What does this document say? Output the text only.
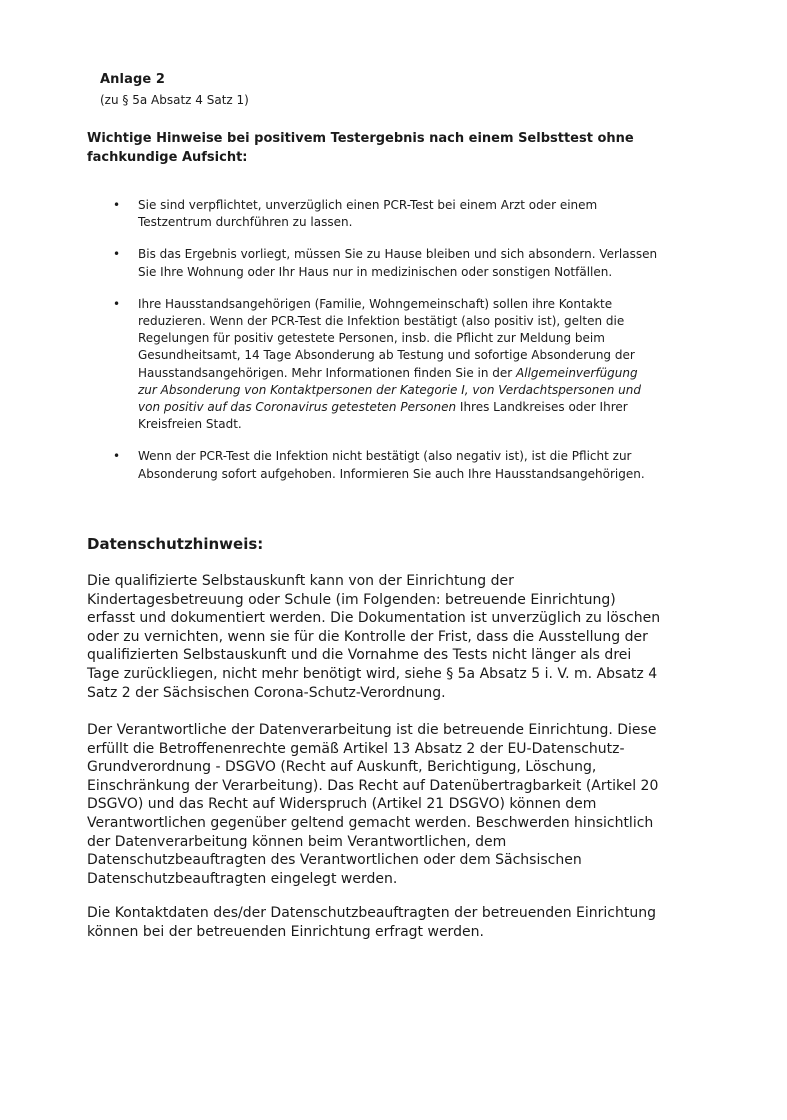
Anlage 2
(zu § 5a Absatz 4 Satz 1)
Wichtige Hinweise bei positivem Testergebnis nach einem Selbsttest ohne fachkundige Aufsicht:
• Sie sind verpflichtet, unverzüglich einen PCR-Test bei einem Arzt oder einem Testzentrum durchführen zu lassen.
• Bis das Ergebnis vorliegt, müssen Sie zu Hause bleiben und sich absondern. Verlassen Sie Ihre Wohnung oder Ihr Haus nur in medizinischen oder sonstigen Notfällen.
• Ihre Hausstandsangehörigen (Familie, Wohngemeinschaft) sollen ihre Kontakte reduzieren. Wenn der PCR-Test die Infektion bestätigt (also positiv ist), gelten die Regelungen für positiv getestete Personen, insb. die Pflicht zur Meldung beim Gesundheitsamt, 14 Tage Absonderung ab Testung und sofortige Absonderung der Hausstandsangehörigen. Mehr Informationen finden Sie in der Allgemeinverfügung zur Absonderung von Kontaktpersonen der Kategorie I, von Verdachtspersonen und von positiv auf das Coronavirus getesteten Personen Ihres Landkreises oder Ihrer Kreisfreien Stadt.
• Wenn der PCR-Test die Infektion nicht bestätigt (also negativ ist), ist die Pflicht zur Absonderung sofort aufgehoben. Informieren Sie auch Ihre Hausstandsangehörigen.
Datenschutzhinweis:

Die qualifizierte Selbstauskunft kann von der Einrichtung der Kindertagesbetreuung oder Schule (im Folgenden: betreuende Einrichtung) erfasst und dokumentiert werden. Die Dokumentation ist unverzüglich zu löschen oder zu vernichten, wenn sie für die Kontrolle der Frist, dass die Ausstellung der qualifizierten Selbstauskunft und die Vornahme des Tests nicht länger als drei Tage zurückliegen, nicht mehr benötigt wird, siehe § 5a Absatz 5 i. V. m. Absatz 4 Satz 2 der Sächsischen Corona-Schutz-Verordnung.

Der Verantwortliche der Datenverarbeitung ist die betreuende Einrichtung. Diese erfüllt die Betroffenenrechte gemäß Artikel 13 Absatz 2 der EU-Datenschutz-Grundverordnung - DSGVO (Recht auf Auskunft, Berichtigung, Löschung, Einschränkung der Verarbeitung). Das Recht auf Datenübertragbarkeit (Artikel 20 DSGVO) und das Recht auf Widerspruch (Artikel 21 DSGVO) können dem Verantwortlichen gegenüber geltend gemacht werden. Beschwerden hinsichtlich der Datenverarbeitung können beim Verantwortlichen, dem Datenschutzbeauftragten des Verantwortlichen oder dem Sächsischen Datenschutzbeauftragten eingelegt werden.

Die Kontaktdaten des/der Datenschutzbeauftragten der betreuenden Einrichtung können bei der betreuenden Einrichtung erfragt werden.
